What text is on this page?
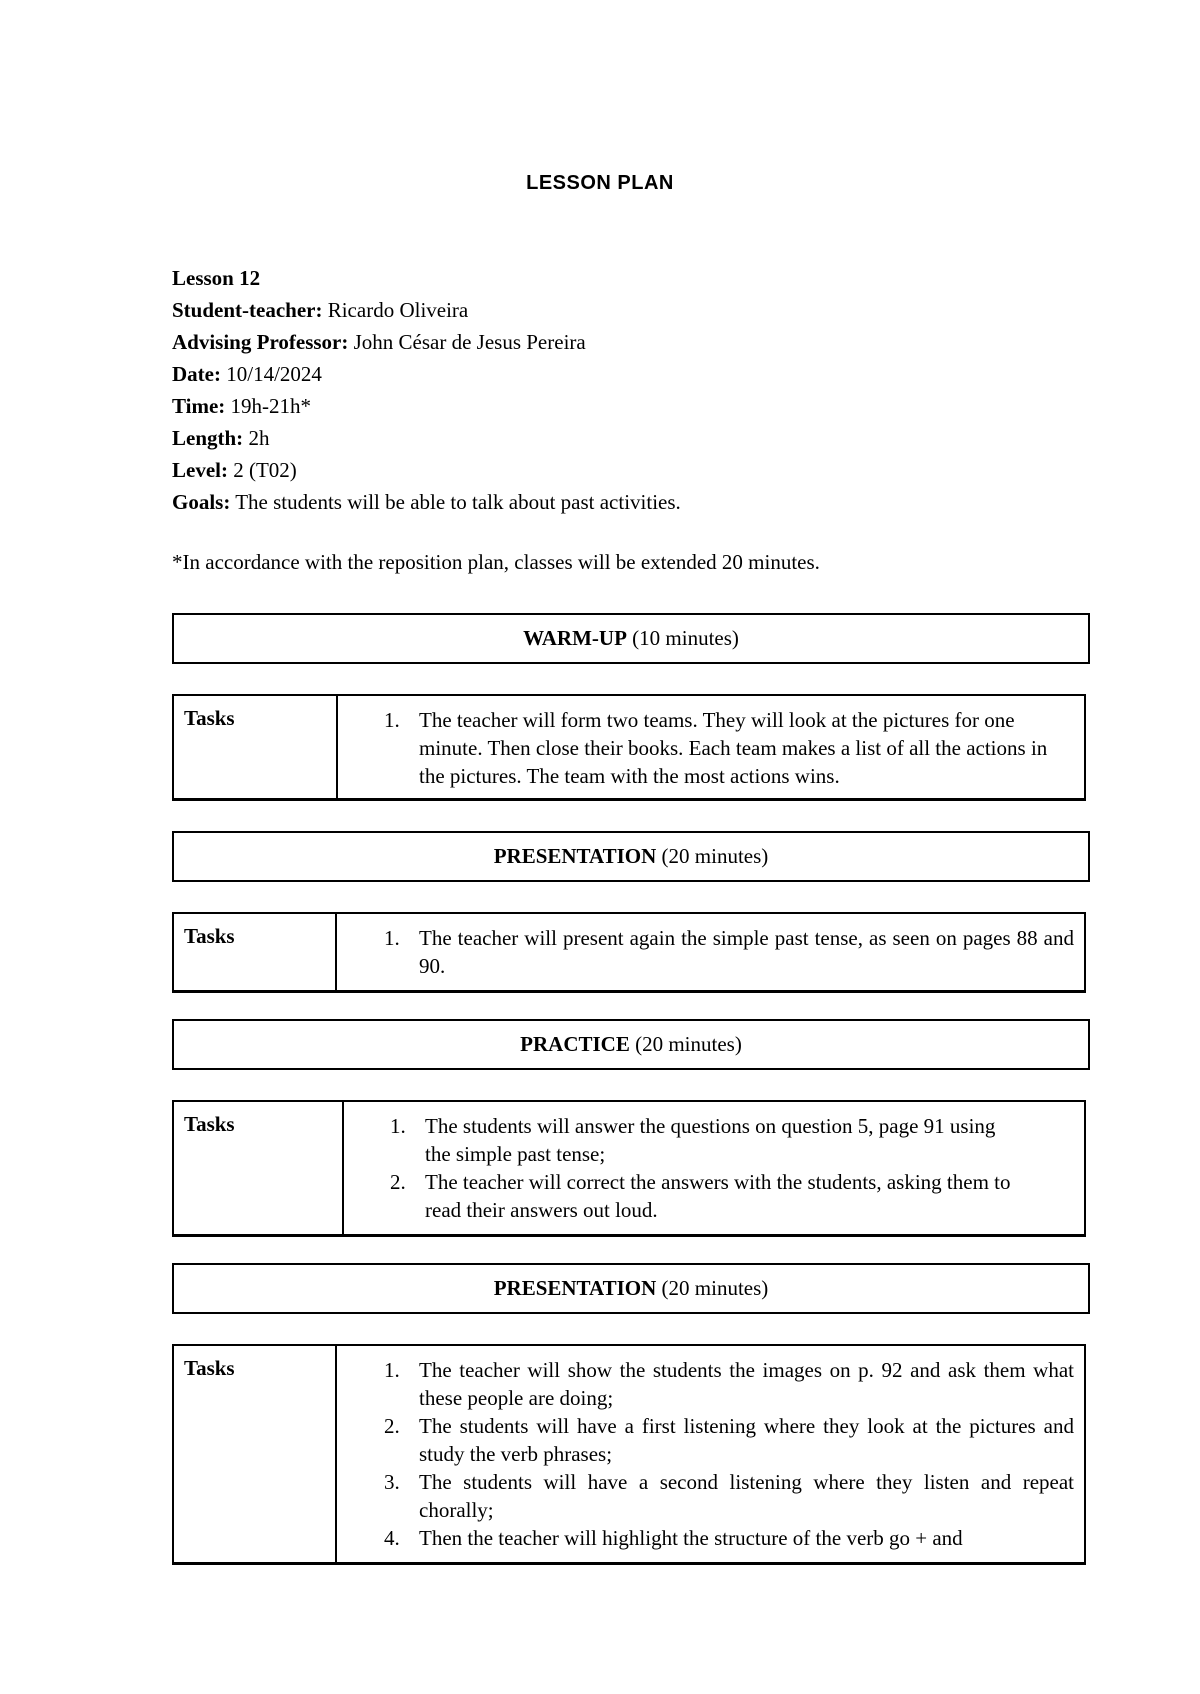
LESSON PLAN
Lesson 12
Student-teacher: Ricardo Oliveira
Advising Professor: John César de Jesus Pereira
Date: 10/14/2024
Time: 19h-21h*
Length: 2h
Level: 2 (T02)
Goals: The students will be able to talk about past activities.
*In accordance with the reposition plan, classes will be extended 20 minutes.
WARM-UP (10 minutes)
Tasks	1. The teacher will form two teams. They will look at the pictures for one minute. Then close their books. Each team makes a list of all the actions in the pictures. The team with the most actions wins.
PRESENTATION (20 minutes)
Tasks	1. The teacher will present again the simple past tense, as seen on pages 88 and 90.
PRACTICE (20 minutes)
Tasks	1. The students will answer the questions on question 5, page 91 using the simple past tense;
2. The teacher will correct the answers with the students, asking them to read their answers out loud.
PRESENTATION (20 minutes)
Tasks	1. The teacher will show the students the images on p. 92 and ask them what these people are doing;
2. The students will have a first listening where they look at the pictures and study the verb phrases;
3. The students will have a second listening where they listen and repeat chorally;
4. Then the teacher will highlight the structure of the verb go + and
